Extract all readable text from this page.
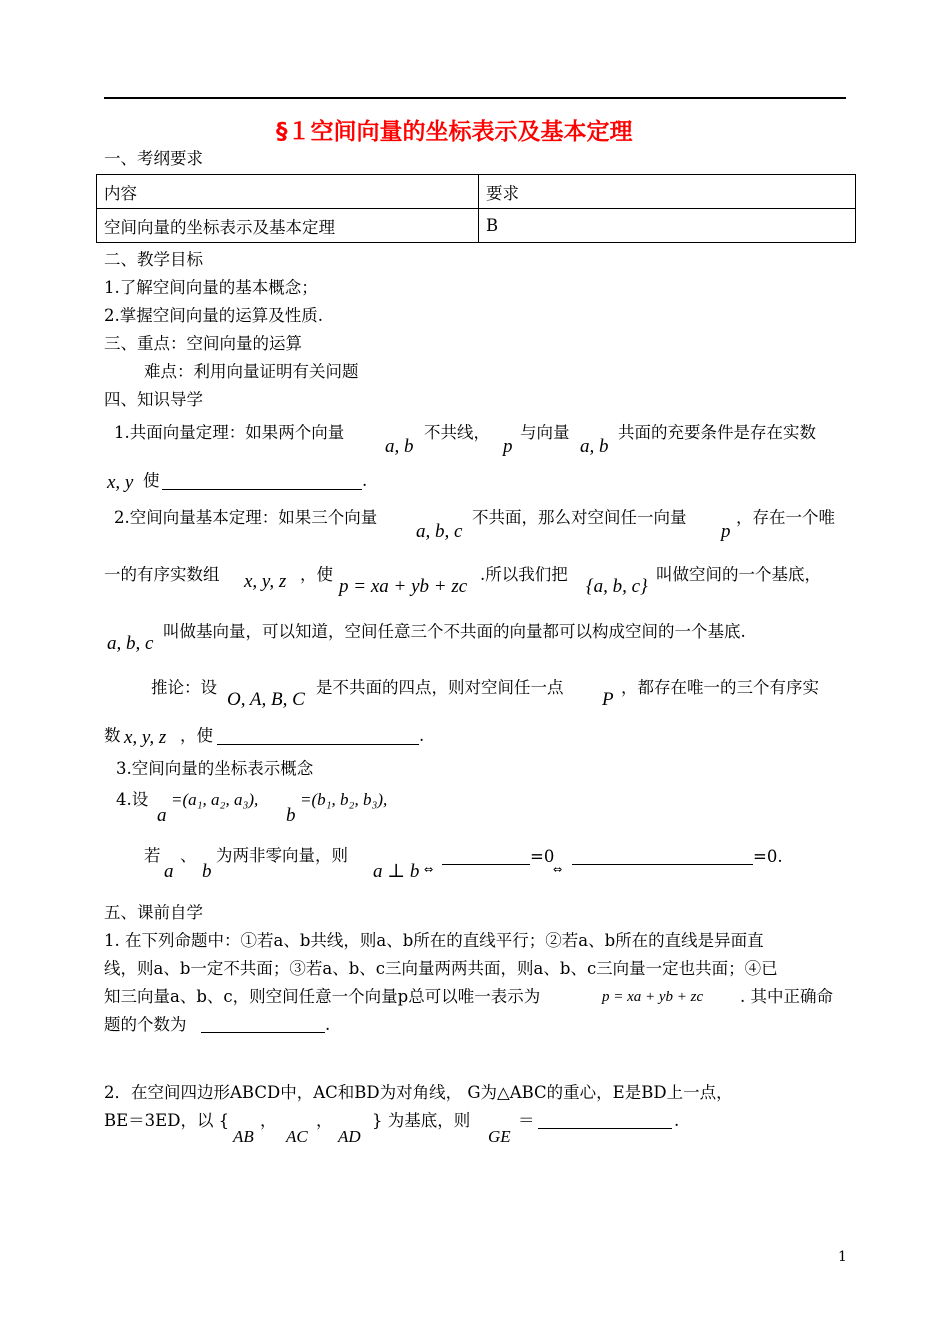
§１空间向量的坐标表示及基本定理
一、考纲要求
内容	要求
空间向量的坐标表示及基本定理	B
二、教学目标
1.了解空间向量的基本概念；
2.掌握空间向量的运算及性质.
三、重点：空间向量的运算
难点：利用向量证明有关问题
四、知识导学
1.共面向量定理：如果两个向量
a, b
不共线，
p
与向量
a, b
共面的充要条件是存在实数
x, y 使	.
2.空间向量基本定理：如果三个向量
a, b, c
不共面，那么对空间任一向量
p
，存在一个唯
一的有序实数组 x, y, z ，使
p = xa + yb + zc
.所以我们把
{a, b, c}
叫做空间的一个基底，
a, b, c
叫做基向量，可以知道，空间任意三个不共面的向量都可以构成空间的一个基底.
推论：设
O, A, B, C
是不共面的四点，则对空间任一点
P
，都存在唯一的三个有序实
数 x, y, z ，使	.
3.空间向量的坐标表示概念
4.设
a
=(a₁, a₂, a₃),
b
=(b₁, b₂, b₃),
若
a
、
b
为两非零向量，则
a ⊥ b ⇔
=0
⇔
=0.
五、课前自学
1. 在下列命题中：①若a、b共线，则a、b所在的直线平行；②若a、b所在的直线是异面直
线，则a、b一定不共面；③若a、b、c三向量两两共面，则a、b、c三向量一定也共面；④已
知三向量a、b、c，则空间任意一个向量p总可以唯一表示为	p = xa + yb + zc . 其中正确命
题的个数为	.
2．在空间四边形ABCD中，AC和BD为对角线， G为△ABC的重心，E是BD上一点，
BE＝3ED，以 {
AB
，
AC
，
AD
} 为基底，则
GE
＝	.
1
